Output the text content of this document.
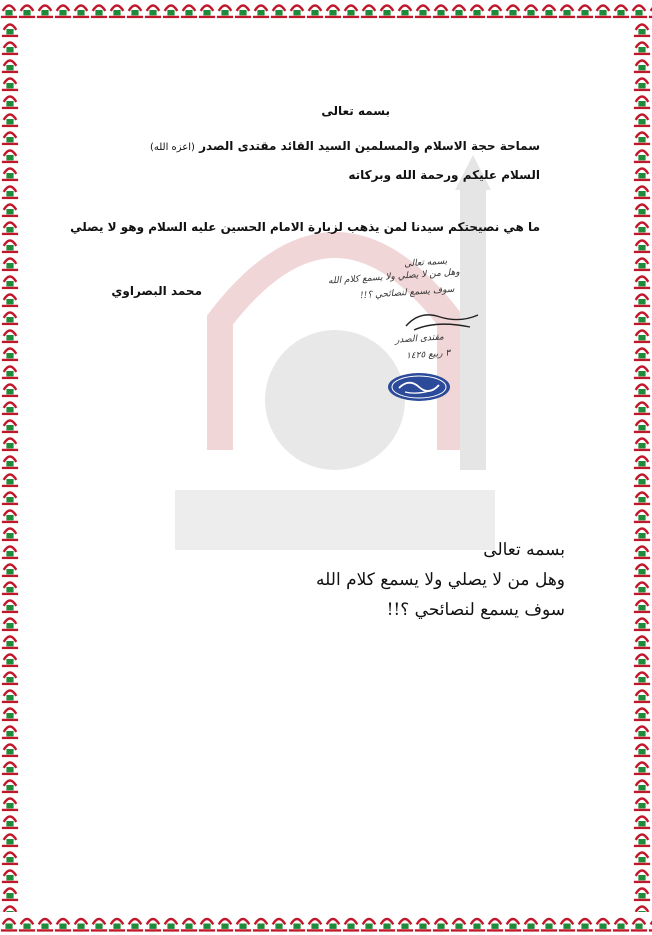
بسمه تعالى
سماحة حجة الاسلام والمسلمين السيد القائد مقتدى الصدر (اعزه الله)
السلام عليكم ورحمة الله وبركاته
ما هي نصيحتكم سيدنا لمن يذهب لزيارة الامام الحسين عليه السلام وهو لا يصلي
محمد البصراوي
بسمه تعالى
وهل من لا يصلي ولا يسمع كلام الله
سوف يسمع لنصائحي ؟!!
مقتدى الصدر
٣ ربيع ١٤٢٥
بسمه تعالى
وهل من لا يصلي ولا يسمع كلام الله
سوف يسمع لنصائحي ؟!!
